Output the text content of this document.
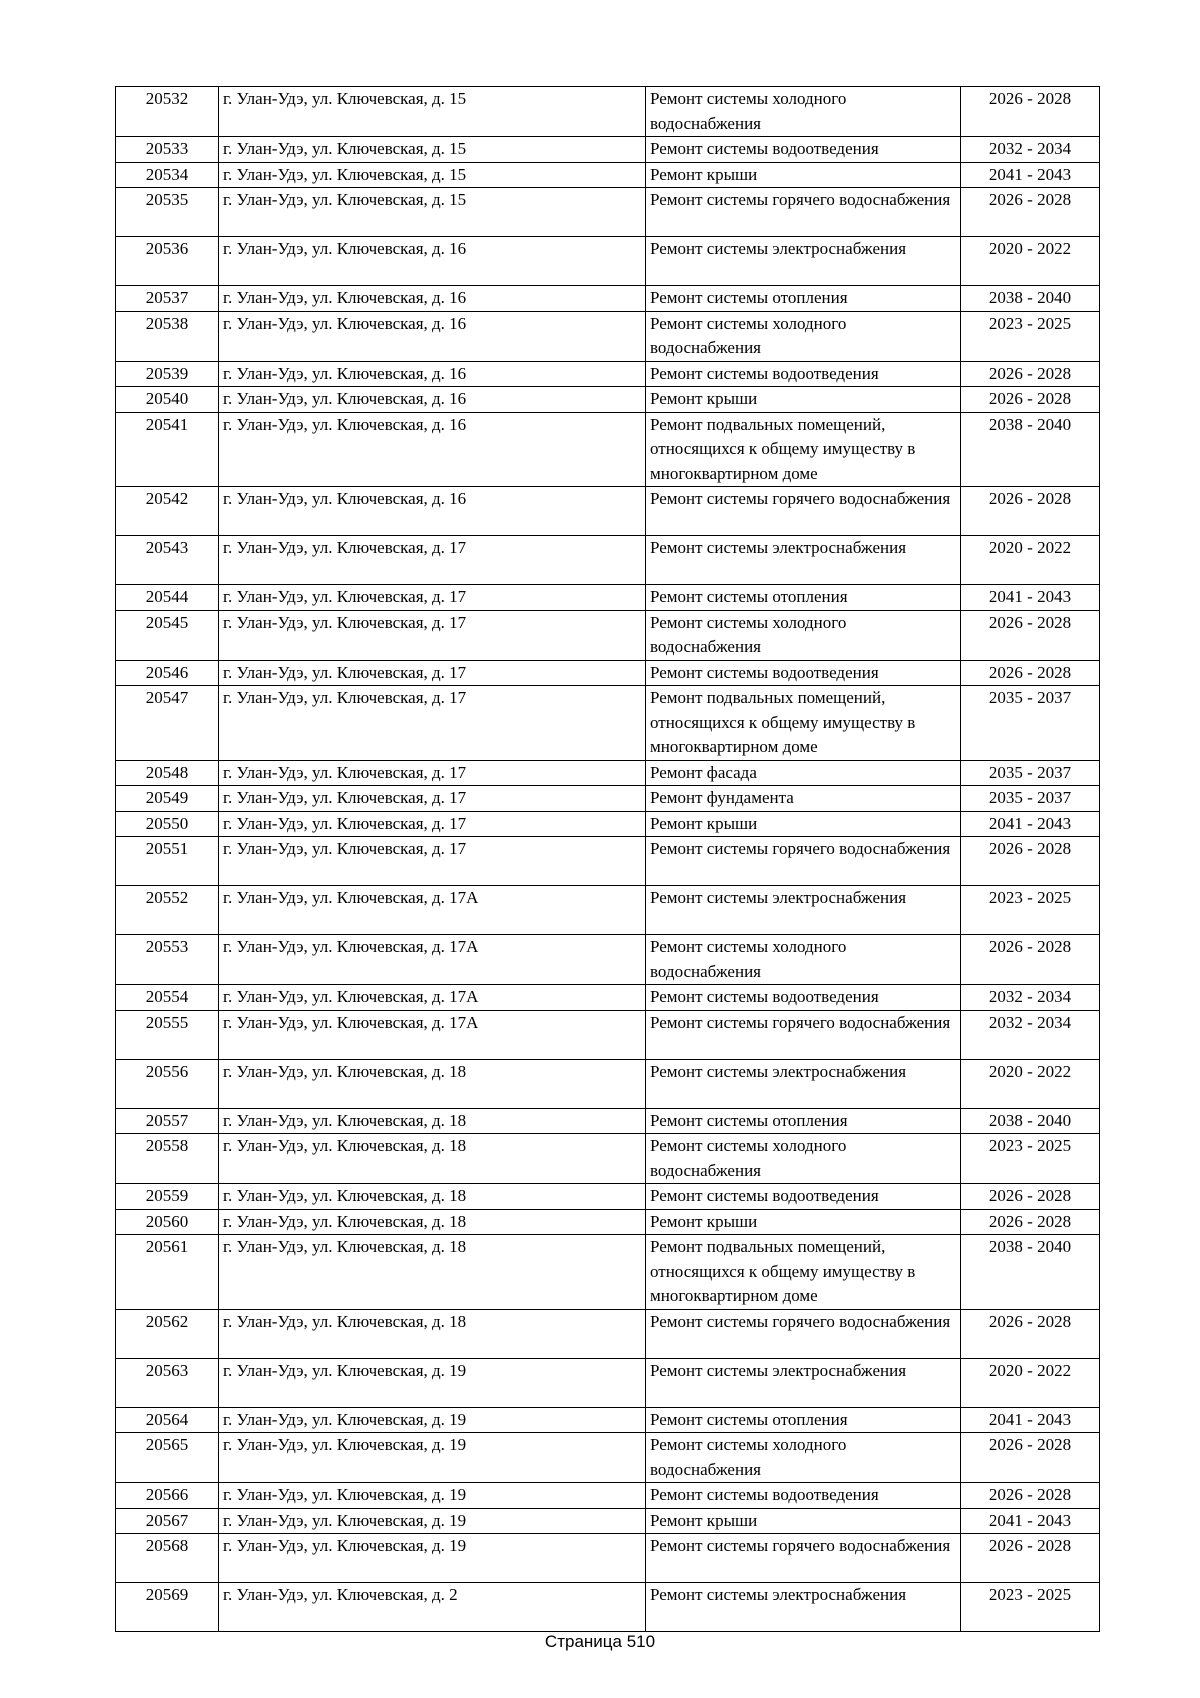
20532	г. Улан-Удэ, ул. Ключевская, д. 15	Ремонт системы холодного водоснабжения	2026 - 2028
20533	г. Улан-Удэ, ул. Ключевская, д. 15	Ремонт системы водоотведения	2032 - 2034
20534	г. Улан-Удэ, ул. Ключевская, д. 15	Ремонт крыши	2041 - 2043
20535	г. Улан-Удэ, ул. Ключевская, д. 15	Ремонт системы горячего водоснабжения	2026 - 2028
20536	г. Улан-Удэ, ул. Ключевская, д. 16	Ремонт системы электроснабжения	2020 - 2022
20537	г. Улан-Удэ, ул. Ключевская, д. 16	Ремонт системы отопления	2038 - 2040
20538	г. Улан-Удэ, ул. Ключевская, д. 16	Ремонт системы холодного водоснабжения	2023 - 2025
20539	г. Улан-Удэ, ул. Ключевская, д. 16	Ремонт системы водоотведения	2026 - 2028
20540	г. Улан-Удэ, ул. Ключевская, д. 16	Ремонт крыши	2026 - 2028
20541	г. Улан-Удэ, ул. Ключевская, д. 16	Ремонт подвальных помещений, относящихся к общему имуществу в многоквартирном доме	2038 - 2040
20542	г. Улан-Удэ, ул. Ключевская, д. 16	Ремонт системы горячего водоснабжения	2026 - 2028
20543	г. Улан-Удэ, ул. Ключевская, д. 17	Ремонт системы электроснабжения	2020 - 2022
20544	г. Улан-Удэ, ул. Ключевская, д. 17	Ремонт системы отопления	2041 - 2043
20545	г. Улан-Удэ, ул. Ключевская, д. 17	Ремонт системы холодного водоснабжения	2026 - 2028
20546	г. Улан-Удэ, ул. Ключевская, д. 17	Ремонт системы водоотведения	2026 - 2028
20547	г. Улан-Удэ, ул. Ключевская, д. 17	Ремонт подвальных помещений, относящихся к общему имуществу в многоквартирном доме	2035 - 2037
20548	г. Улан-Удэ, ул. Ключевская, д. 17	Ремонт фасада	2035 - 2037
20549	г. Улан-Удэ, ул. Ключевская, д. 17	Ремонт фундамента	2035 - 2037
20550	г. Улан-Удэ, ул. Ключевская, д. 17	Ремонт крыши	2041 - 2043
20551	г. Улан-Удэ, ул. Ключевская, д. 17	Ремонт системы горячего водоснабжения	2026 - 2028
20552	г. Улан-Удэ, ул. Ключевская, д. 17А	Ремонт системы электроснабжения	2023 - 2025
20553	г. Улан-Удэ, ул. Ключевская, д. 17А	Ремонт системы холодного водоснабжения	2026 - 2028
20554	г. Улан-Удэ, ул. Ключевская, д. 17А	Ремонт системы водоотведения	2032 - 2034
20555	г. Улан-Удэ, ул. Ключевская, д. 17А	Ремонт системы горячего водоснабжения	2032 - 2034
20556	г. Улан-Удэ, ул. Ключевская, д. 18	Ремонт системы электроснабжения	2020 - 2022
20557	г. Улан-Удэ, ул. Ключевская, д. 18	Ремонт системы отопления	2038 - 2040
20558	г. Улан-Удэ, ул. Ключевская, д. 18	Ремонт системы холодного водоснабжения	2023 - 2025
20559	г. Улан-Удэ, ул. Ключевская, д. 18	Ремонт системы водоотведения	2026 - 2028
20560	г. Улан-Удэ, ул. Ключевская, д. 18	Ремонт крыши	2026 - 2028
20561	г. Улан-Удэ, ул. Ключевская, д. 18	Ремонт подвальных помещений, относящихся к общему имуществу в многоквартирном доме	2038 - 2040
20562	г. Улан-Удэ, ул. Ключевская, д. 18	Ремонт системы горячего водоснабжения	2026 - 2028
20563	г. Улан-Удэ, ул. Ключевская, д. 19	Ремонт системы электроснабжения	2020 - 2022
20564	г. Улан-Удэ, ул. Ключевская, д. 19	Ремонт системы отопления	2041 - 2043
20565	г. Улан-Удэ, ул. Ключевская, д. 19	Ремонт системы холодного водоснабжения	2026 - 2028
20566	г. Улан-Удэ, ул. Ключевская, д. 19	Ремонт системы водоотведения	2026 - 2028
20567	г. Улан-Удэ, ул. Ключевская, д. 19	Ремонт крыши	2041 - 2043
20568	г. Улан-Удэ, ул. Ключевская, д. 19	Ремонт системы горячего водоснабжения	2026 - 2028
20569	г. Улан-Удэ, ул. Ключевская, д. 2	Ремонт системы электроснабжения	2023 - 2025
Страница 510
